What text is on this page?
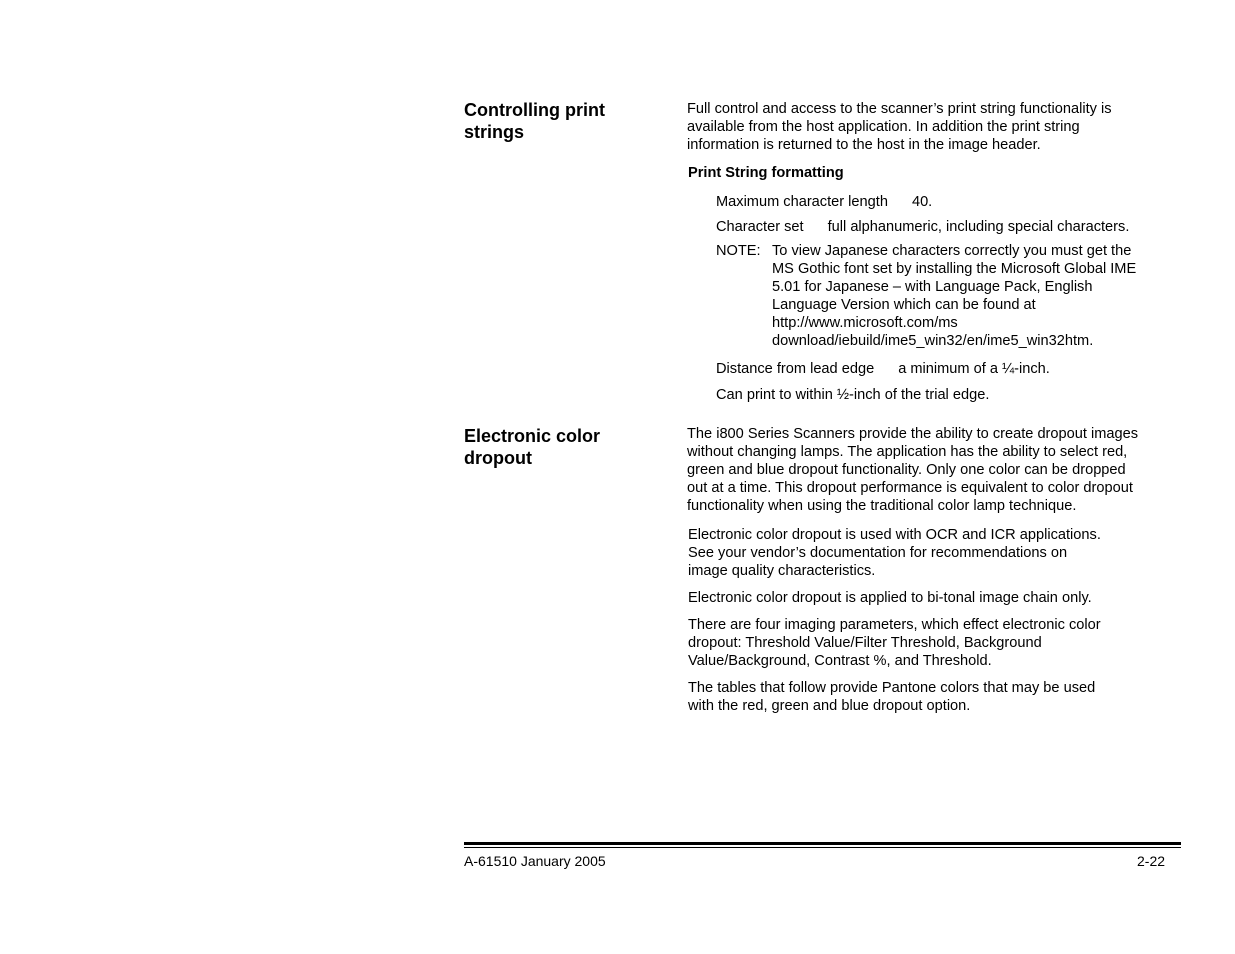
Controlling print
strings
Full control and access to the scanner’s print string functionality is
available from the host application. In addition the print string
information is returned to the host in the image header.
Print String formatting
Maximum character length 40.
Character set full alphanumeric, including special characters.
NOTE: To view Japanese characters correctly you must get the
MS Gothic font set by installing the Microsoft Global IME
5.01 for Japanese – with Language Pack, English
Language Version which can be found at
http://www.microsoft.com/ms
download/iebuild/ime5_win32/en/ime5_win32htm.
Distance from lead edge a minimum of a ¼-inch.
Can print to within ½-inch of the trial edge.
Electronic color
dropout
The i800 Series Scanners provide the ability to create dropout images
without changing lamps. The application has the ability to select red,
green and blue dropout functionality. Only one color can be dropped
out at a time. This dropout performance is equivalent to color dropout
functionality when using the traditional color lamp technique.
Electronic color dropout is used with OCR and ICR applications.
See your vendor’s documentation for recommendations on
image quality characteristics.
Electronic color dropout is applied to bi-tonal image chain only.
There are four imaging parameters, which effect electronic color
dropout: Threshold Value/Filter Threshold, Background
Value/Background, Contrast %, and Threshold.
The tables that follow provide Pantone colors that may be used
with the red, green and blue dropout option.
A-61510 January 2005	2-22
